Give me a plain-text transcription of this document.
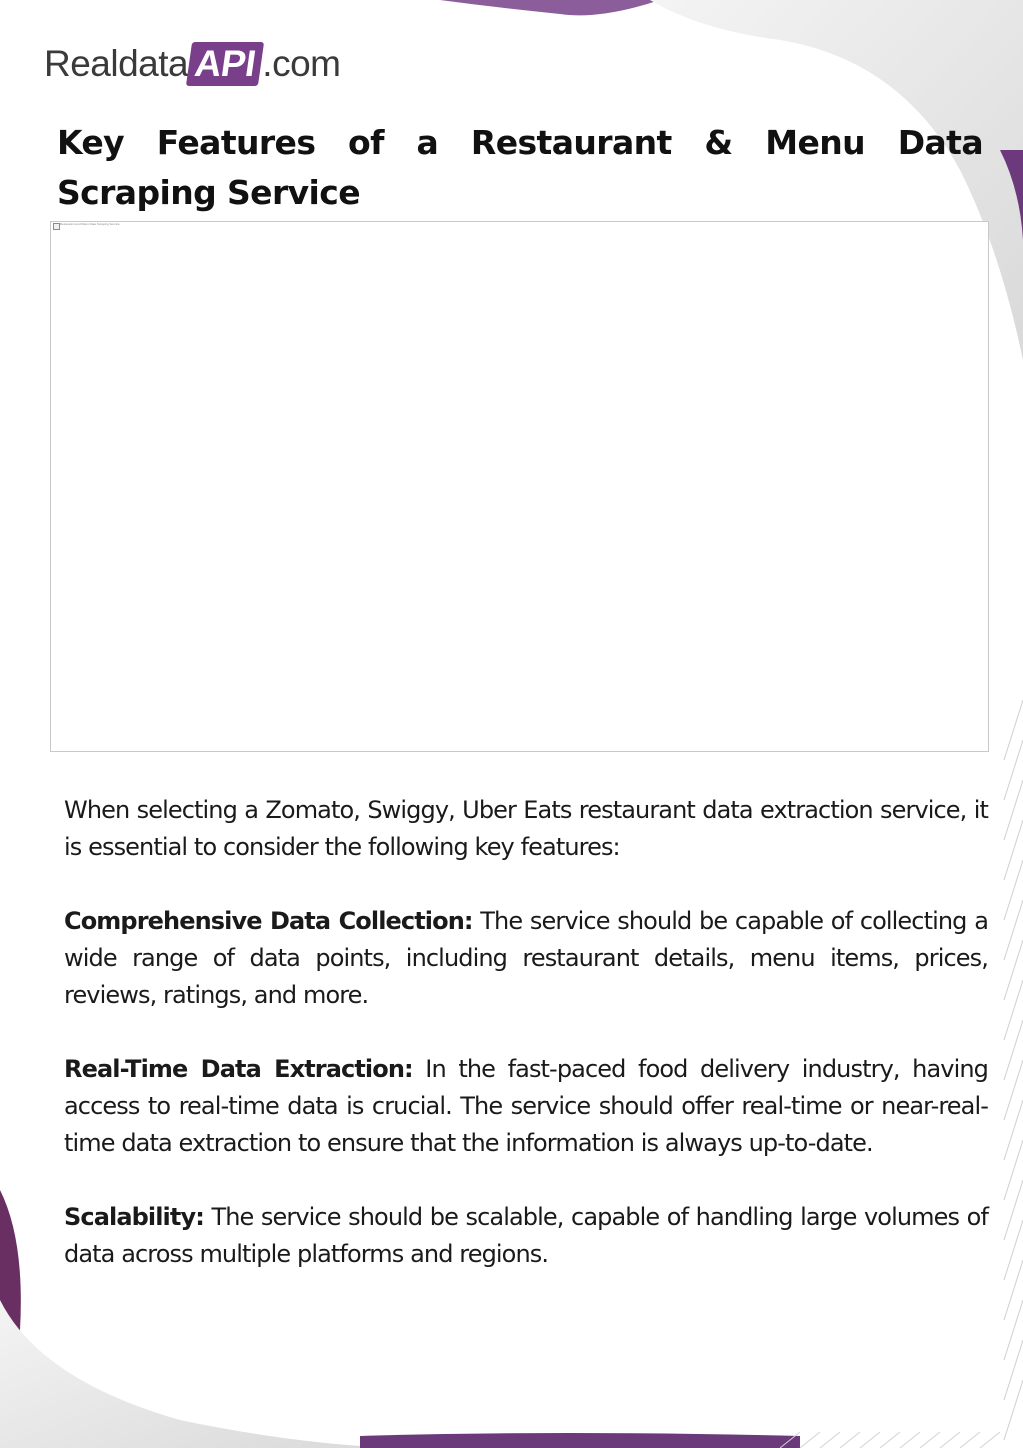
Realdata API .com
Key Features of a Restaurant & Menu Data Scraping Service
Restaurant and Menu Data Scraping Service

When selecting a Zomato, Swiggy, Uber Eats restaurant data extraction service, it is essential to consider the following key features:

Comprehensive Data Collection: The service should be capable of collecting a wide range of data points, including restaurant details, menu items, prices, reviews, ratings, and more.

Real-Time Data Extraction: In the fast-paced food delivery industry, having access to real-time data is crucial. The service should offer real-time or near-real-time data extraction to ensure that the information is always up-to-date.

Scalability: The service should be scalable, capable of handling large volumes of data across multiple platforms and regions.
